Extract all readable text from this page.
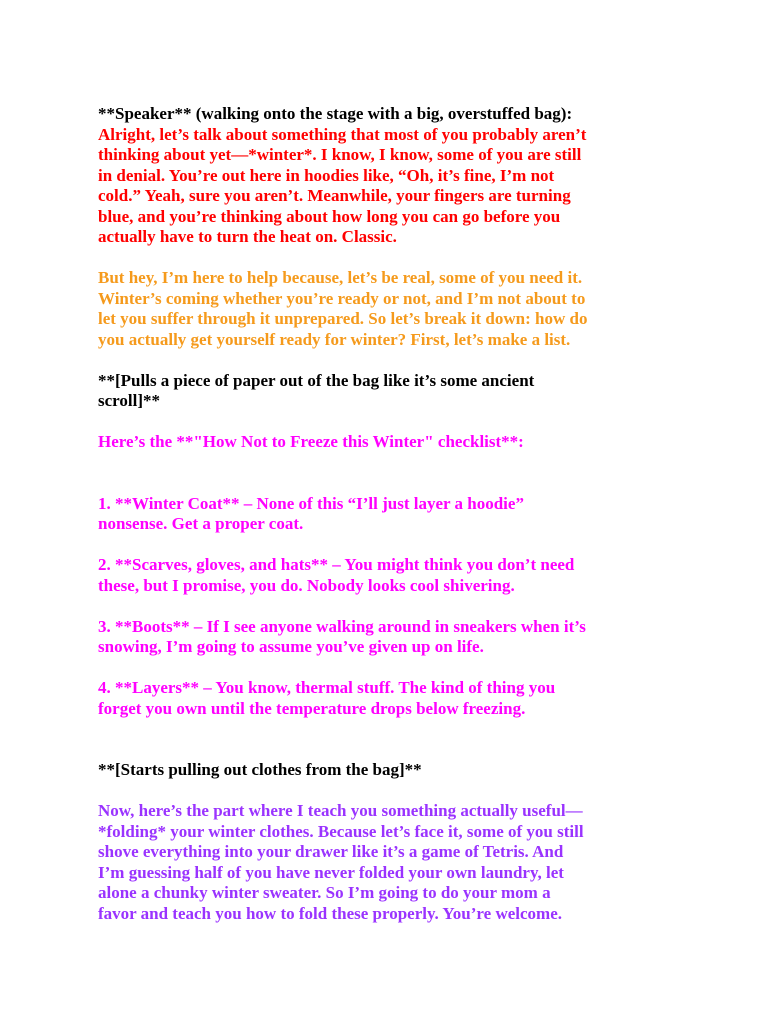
**Speaker** (walking onto the stage with a big, overstuffed bag):
Alright, let’s talk about something that most of you probably aren’t thinking about yet—*winter*. I know, I know, some of you are still in denial. You’re out here in hoodies like, “Oh, it’s fine, I’m not cold.” Yeah, sure you aren’t. Meanwhile, your fingers are turning blue, and you’re thinking about how long you can go before you actually have to turn the heat on. Classic.
But hey, I’m here to help because, let’s be real, some of you need it. Winter’s coming whether you’re ready or not, and I’m not about to let you suffer through it unprepared. So let’s break it down: how do you actually get yourself ready for winter? First, let’s make a list.
**[Pulls a piece of paper out of the bag like it’s some ancient scroll]**
Here’s the **"How Not to Freeze this Winter" checklist**:

1. **Winter Coat** – None of this “I’ll just layer a hoodie” nonsense. Get a proper coat.

2. **Scarves, gloves, and hats** – You might think you don’t need these, but I promise, you do. Nobody looks cool shivering.

3. **Boots** – If I see anyone walking around in sneakers when it’s snowing, I’m going to assume you’ve given up on life.

4. **Layers** – You know, thermal stuff. The kind of thing you forget you own until the temperature drops below freezing.

**[Starts pulling out clothes from the bag]**
Now, here’s the part where I teach you something actually useful—*folding* your winter clothes. Because let’s face it, some of you still shove everything into your drawer like it’s a game of Tetris. And I’m guessing half of you have never folded your own laundry, let alone a chunky winter sweater. So I’m going to do your mom a favor and teach you how to fold these properly. You’re welcome.
